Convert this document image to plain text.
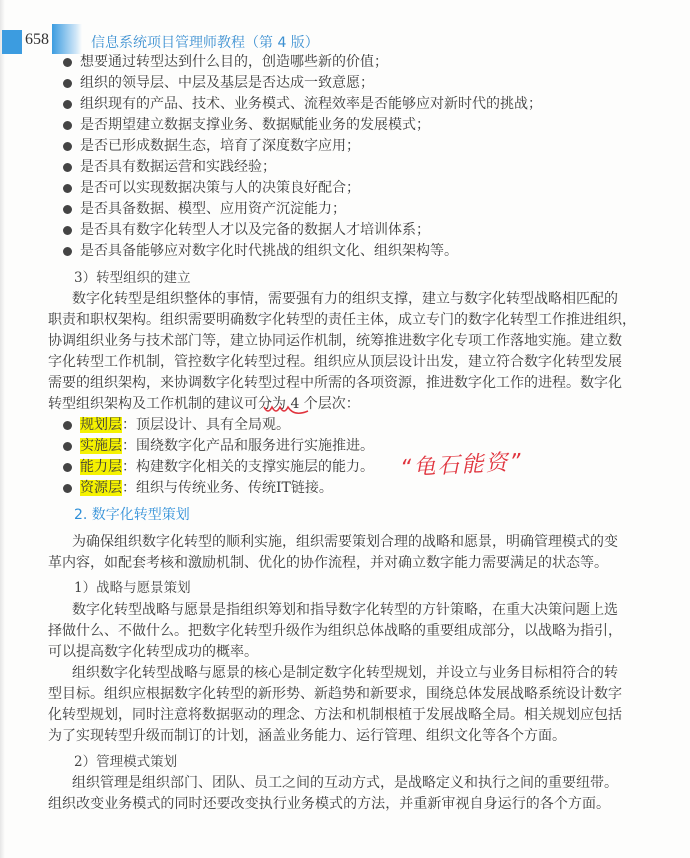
658	信息系统项目管理师教程（第 4 版）
想要通过转型达到什么目的，创造哪些新的价值；
组织的领导层、中层及基层是否达成一致意愿；
组织现有的产品、技术、业务模式、流程效率是否能够应对新时代的挑战；
是否期望建立数据支撑业务、数据赋能业务的发展模式；
是否已形成数据生态，培育了深度数字应用；
是否具有数据运营和实践经验；
是否可以实现数据决策与人的决策良好配合；
是否具备数据、模型、应用资产沉淀能力；
是否具有数字化转型人才以及完备的数据人才培训体系；
是否具备能够应对数字化时代挑战的组织文化、组织架构等。
3）转型组织的建立
数字化转型是组织整体的事情，需要强有力的组织支撑，建立与数字化转型战略相匹配的
职责和职权架构。组织需要明确数字化转型的责任主体，成立专门的数字化转型工作推进组织，
协调组织业务与技术部门等，建立协同运作机制，统筹推进数字化专项工作落地实施。建立数
字化转型工作机制，管控数字化转型过程。组织应从顶层设计出发，建立符合数字化转型发展
需要的组织架构，来协调数字化转型过程中所需的各项资源，推进数字化工作的进程。数字化
转型组织架构及工作机制的建议可分为 4 个层次：
规划层：顶层设计、具有全局观。
实施层：围绕数字化产品和服务进行实施推进。
能力层：构建数字化相关的支撑实施层的能力。
资源层：组织与传统业务、传统IT链接。
“龟石能资”
2. 数字化转型策划
为确保组织数字化转型的顺利实施，组织需要策划合理的战略和愿景，明确管理模式的变
革内容，如配套考核和激励机制、优化的协作流程，并对确立数字能力需要满足的状态等。
1）战略与愿景策划
数字化转型战略与愿景是指组织筹划和指导数字化转型的方针策略，在重大决策问题上选
择做什么、不做什么。把数字化转型升级作为组织总体战略的重要组成部分，以战略为指引，
可以提高数字化转型成功的概率。
组织数字化转型战略与愿景的核心是制定数字化转型规划，并设立与业务目标相符合的转
型目标。组织应根据数字化转型的新形势、新趋势和新要求，围绕总体发展战略系统设计数字
化转型规划，同时注意将数据驱动的理念、方法和机制根植于发展战略全局。相关规划应包括
为了实现转型升级而制订的计划，涵盖业务能力、运行管理、组织文化等各个方面。
2）管理模式策划
组织管理是组织部门、团队、员工之间的互动方式，是战略定义和执行之间的重要纽带。
组织改变业务模式的同时还要改变执行业务模式的方法，并重新审视自身运行的各个方面。
